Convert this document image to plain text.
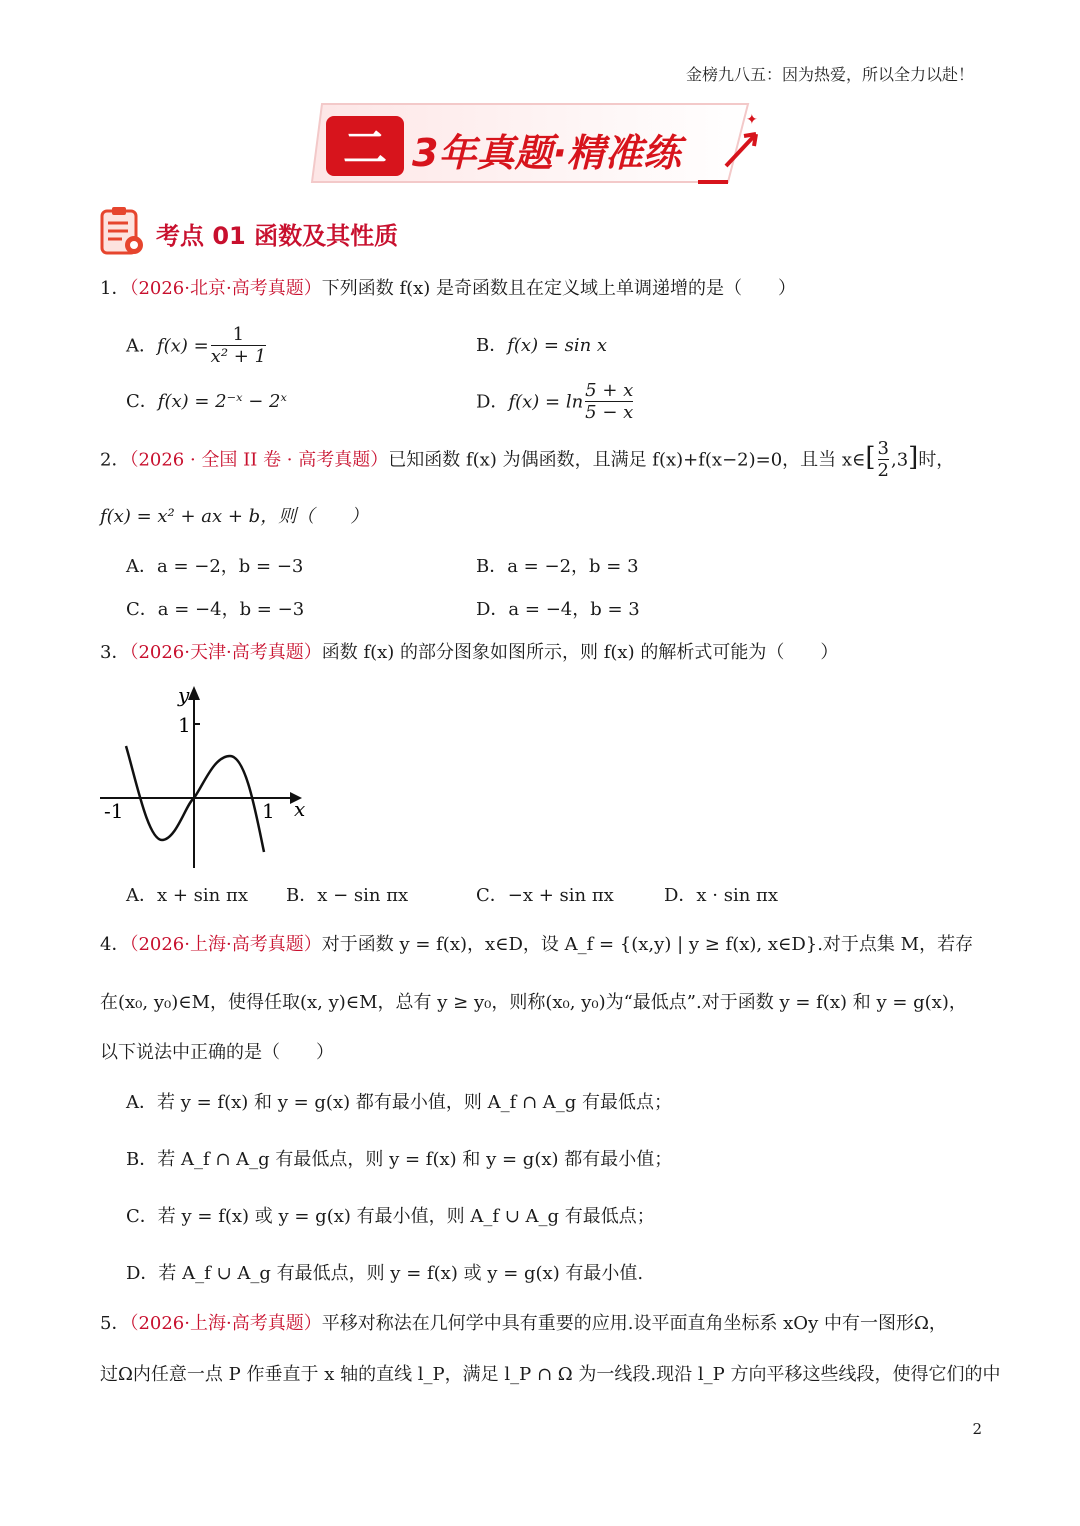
金榜九八五：因为热爱，所以全力以赴！
二 3年真题·精准练
✦
考点 01 函数及其性质
1．（2026·北京·高考真题）下列函数 f(x) 是奇函数且在定义域上单调递增的是（　　）
A．$f(x) = \frac{1}{\text{x² + 1}}$	B．f(x) = sin x
C．f(x) = 2⁻ˣ − 2ˣ	D．$f(x) = \ln \frac{5 + x}{5 - x}$
2．（2026 · 全国 II 卷 · 高考真题）已知函数 f(x) 为偶函数，且满足 f(x)+f(x−2)=0，且当 x∈[ $\frac{3}{2} ,3$]时，
f(x) = x² + ax + b，则（　　）
A．a = −2，b = −3	B．a = −2，b = 3
C．a = −4，b = −3	D．a = −4，b = 3
3．（2026·天津·高考真题）函数 f(x) 的部分图象如图所示，则 f(x) 的解析式可能为（　　）
y
x
1
-1	1
A．x + sin πx B．x − sin πx	C．−x + sin πx	D．x · sin πx
4．（2026·上海·高考真题）对于函数 y = f(x)，x∈D，设 A_f = {(x,y) | y ≥ f(x), x∈D}.对于点集 M，若存
在(x₀, y₀)∈M，使得任取(x, y)∈M，总有 y ≥ y₀，则称(x₀, y₀)为“最低点”.对于函数 y = f(x) 和 y = g(x)，
以下说法中正确的是（　　）
A．若 y = f(x) 和 y = g(x) 都有最小值，则 A_f ∩ A_g 有最低点；
B．若 A_f ∩ A_g 有最低点，则 y = f(x) 和 y = g(x) 都有最小值；
C．若 y = f(x) 或 y = g(x) 有最小值，则 A_f ∪ A_g 有最低点；
D．若 A_f ∪ A_g 有最低点，则 y = f(x) 或 y = g(x) 有最小值.
5．（2026·上海·高考真题）平移对称法在几何学中具有重要的应用.设平面直角坐标系 xOy 中有一图形Ω，
过Ω内任意一点 P 作垂直于 x 轴的直线 l_P，满足 l_P ∩ Ω 为一线段.现沿 l_P 方向平移这些线段，使得它们的中
2
